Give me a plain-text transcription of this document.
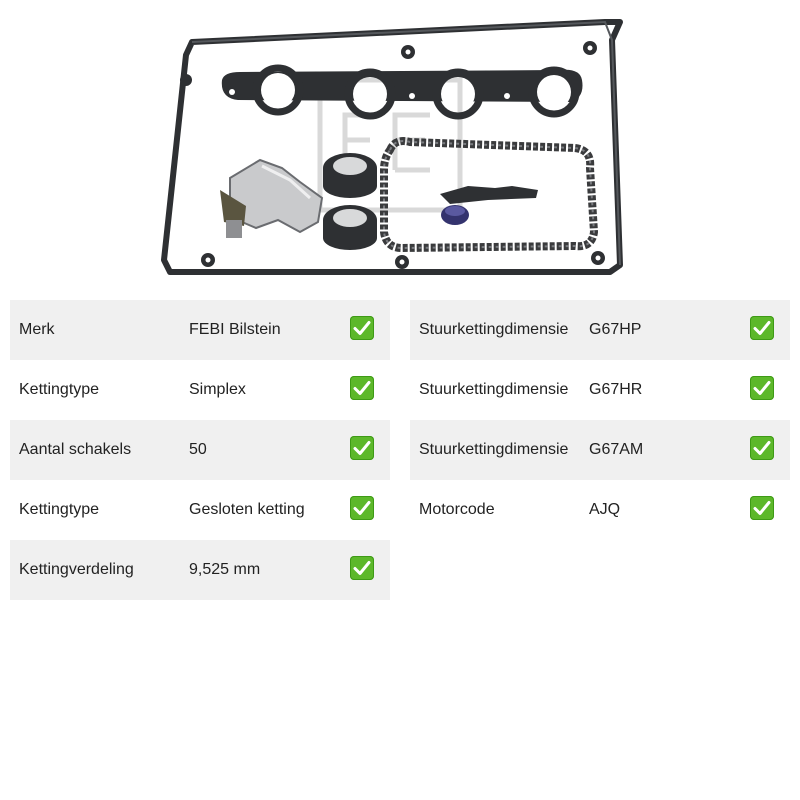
Merk	FEBI Bilstein
Kettingtype	Simplex
Aantal schakels	50
Kettingtype	Gesloten ketting
Kettingverdeling	9,525 mm
Stuurkettingdimensie G67HP
Stuurkettingdimensie G67HR
Stuurkettingdimensie G67AM
Motorcode	AJQ
